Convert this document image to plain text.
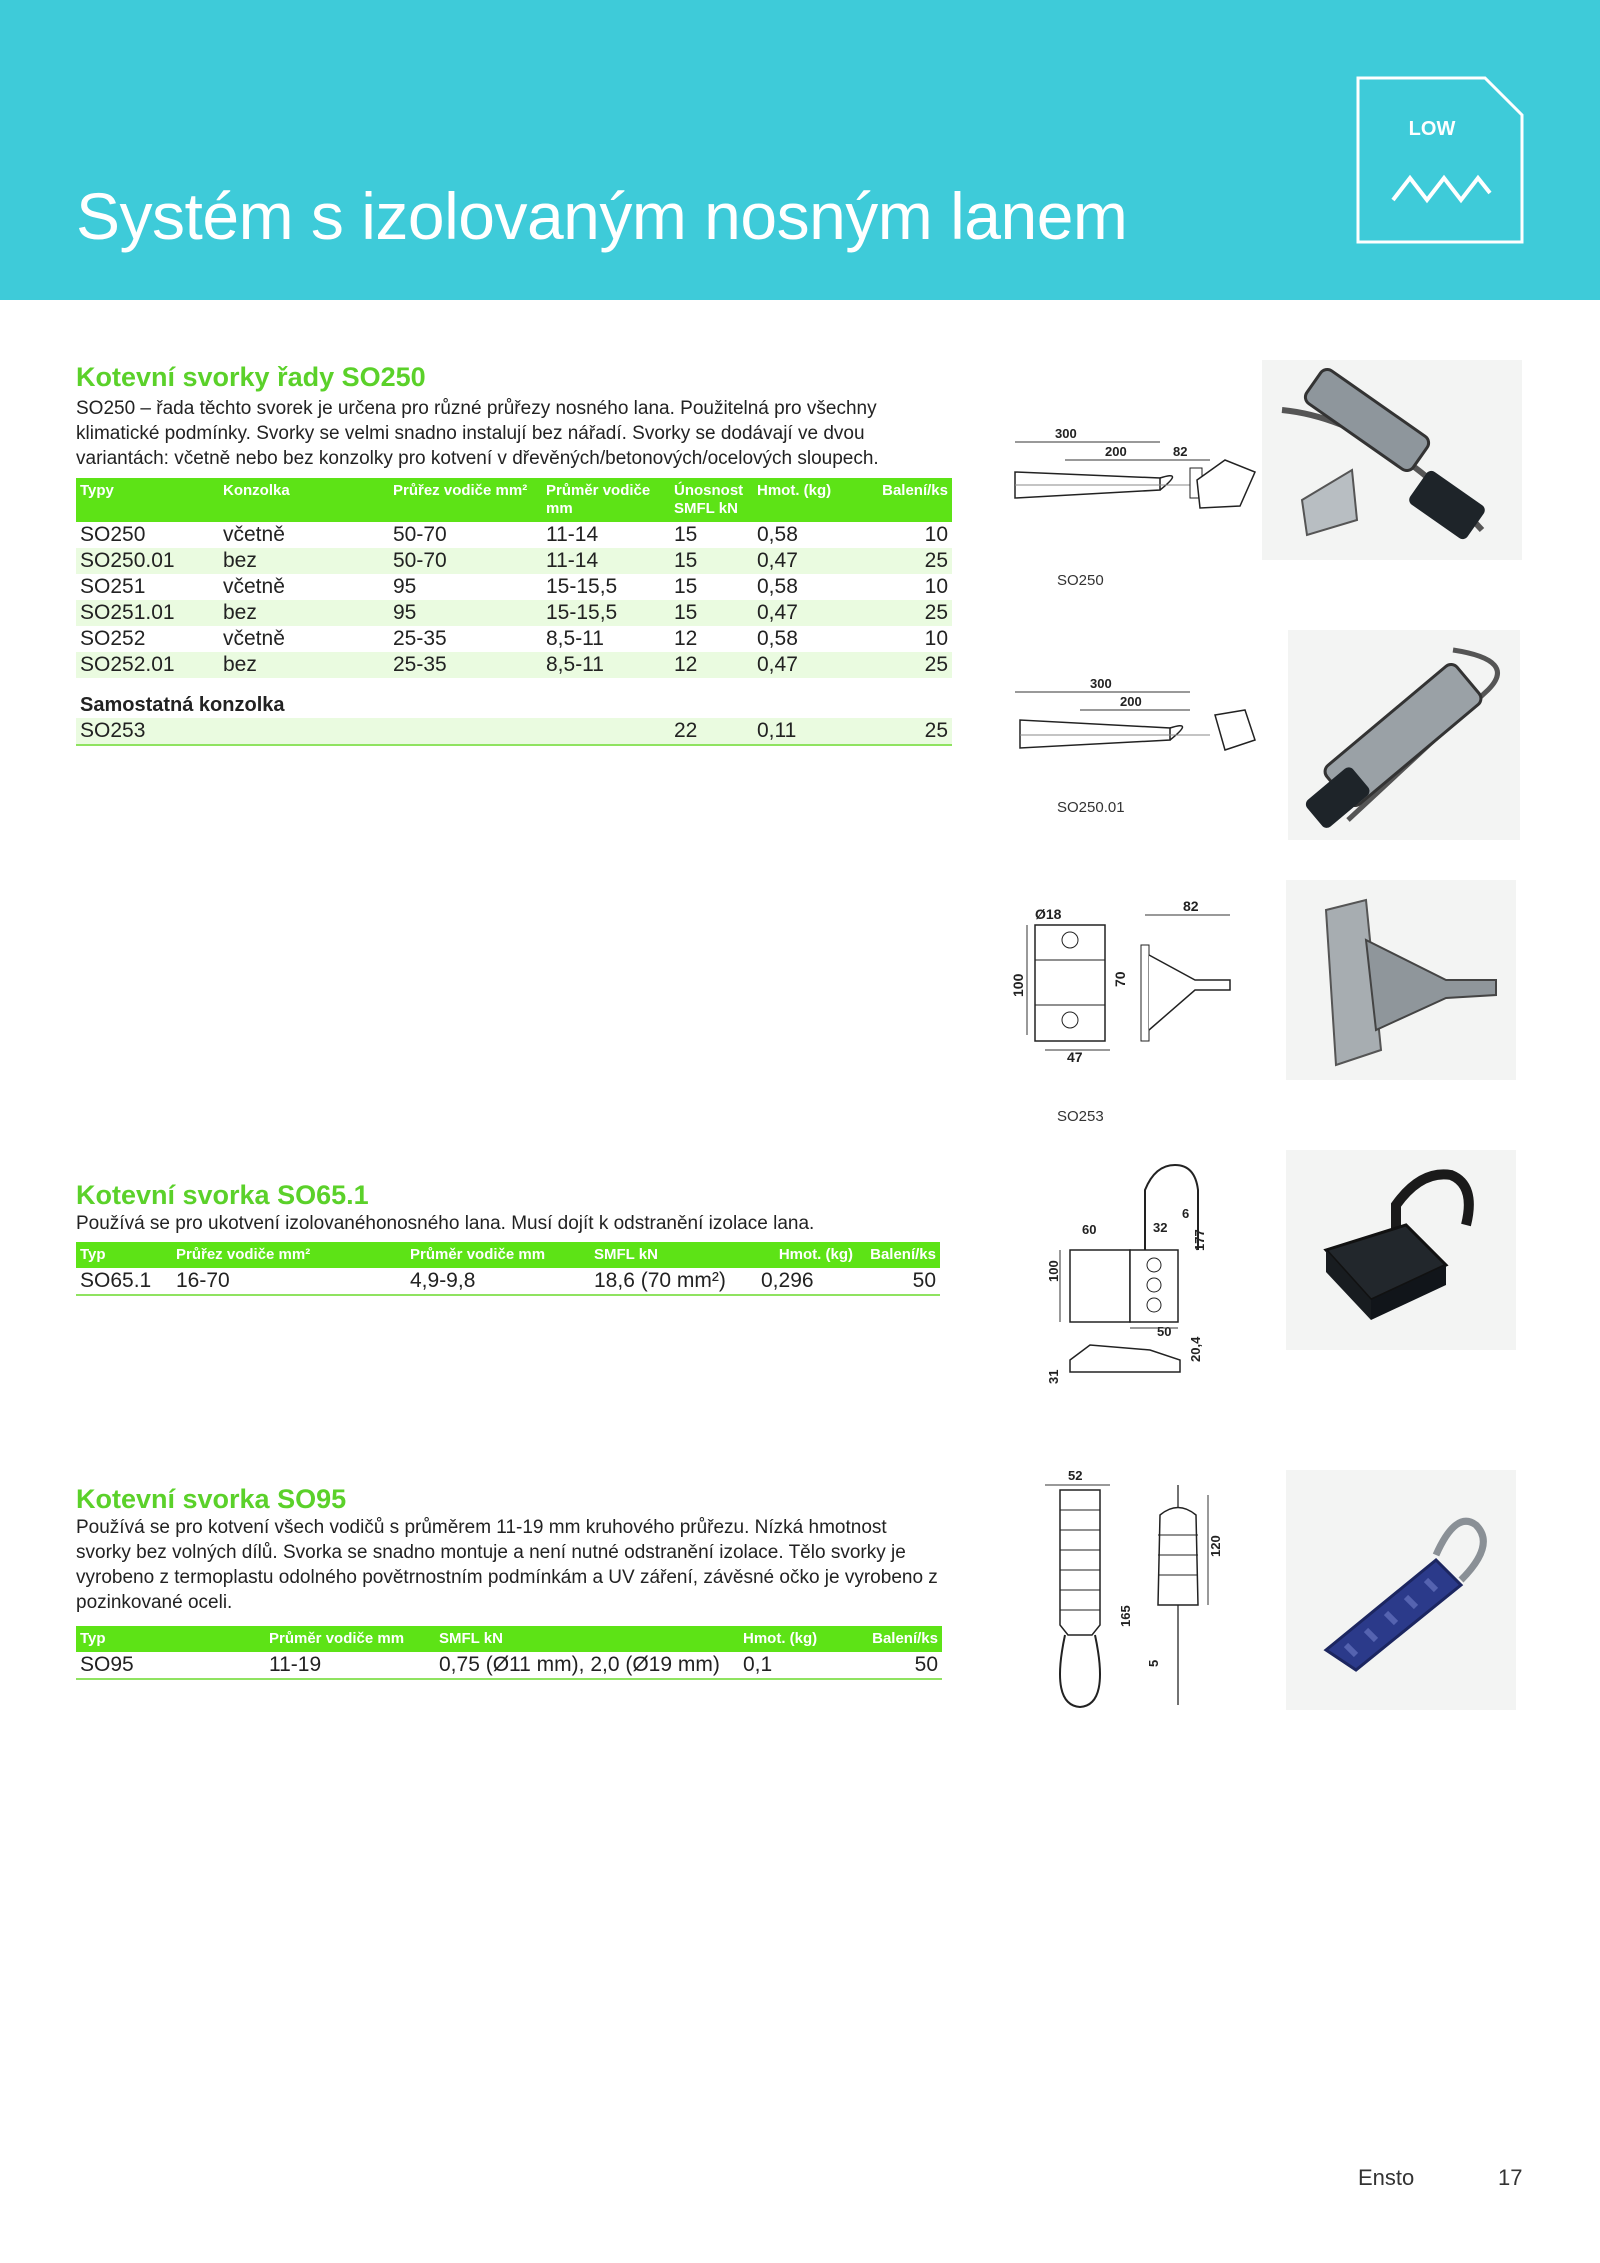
Systém s izolovaným nosným lanem
LOW
Kotevní svorky řady SO250
SO250 – řada těchto svorek je určena pro různé průřezy nosného lana. Použitelná pro všechny klimatické podmínky. Svorky se velmi snadno instalují bez nářadí. Svorky se dodávají ve dvou variantách: včetně nebo bez konzolky pro kotvení v dřevěných/betonových/ocelových sloupech.
Typy	Konzolka	Průřez vodiče mm²	Průměr vodiče mm	Únosnost SMFL kN	Hmot. (kg)	Balení/ks
SO250	včetně	50-70	11-14	15	0,58	10
SO250.01	bez	50-70	11-14	15	0,47	25
SO251	včetně	95	15-15,5	15	0,58	10
SO251.01	bez	95	15-15,5	15	0,47	25
SO252	včetně	25-35	8,5-11	12	0,58	10
SO252.01	bez	25-35	8,5-11	12	0,47	25
Samostatná konzolka						
SO253				22	0,11	25
300
200	82
SO250
300
200
SO250.01
Ø18	82
100	70
47
SO253
Kotevní svorka SO65.1
Používá se pro ukotvení izolovanéhonosného lana. Musí dojít k odstranění izolace lana.
Typ	Průřez vodiče mm²	Průměr vodiče mm	SMFL kN	Hmot. (kg)	Balení/ks
SO65.1	16-70	4,9-9,8	18,6 (70 mm²)	0,296	50
60
6
32
177
100
50
20,4
31
Kotevní svorka SO95
Používá se pro kotvení všech vodičů s průměrem 11-19 mm kruhového průřezu. Nízká hmotnost svorky bez volných dílů. Svorka se snadno montuje a není nutné odstranění izolace. Tělo svorky je vyrobeno z termoplastu odolného povětrnostním podmínkám a UV záření, závěsné očko je vyrobeno z pozinkované oceli.
Typ	Průměr vodiče mm	SMFL kN	Hmot. (kg)	Balení/ks
SO95	11-19	0,75 (Ø11 mm), 2,0 (Ø19 mm)	0,1	50
52
120
165
5
Ensto	17
